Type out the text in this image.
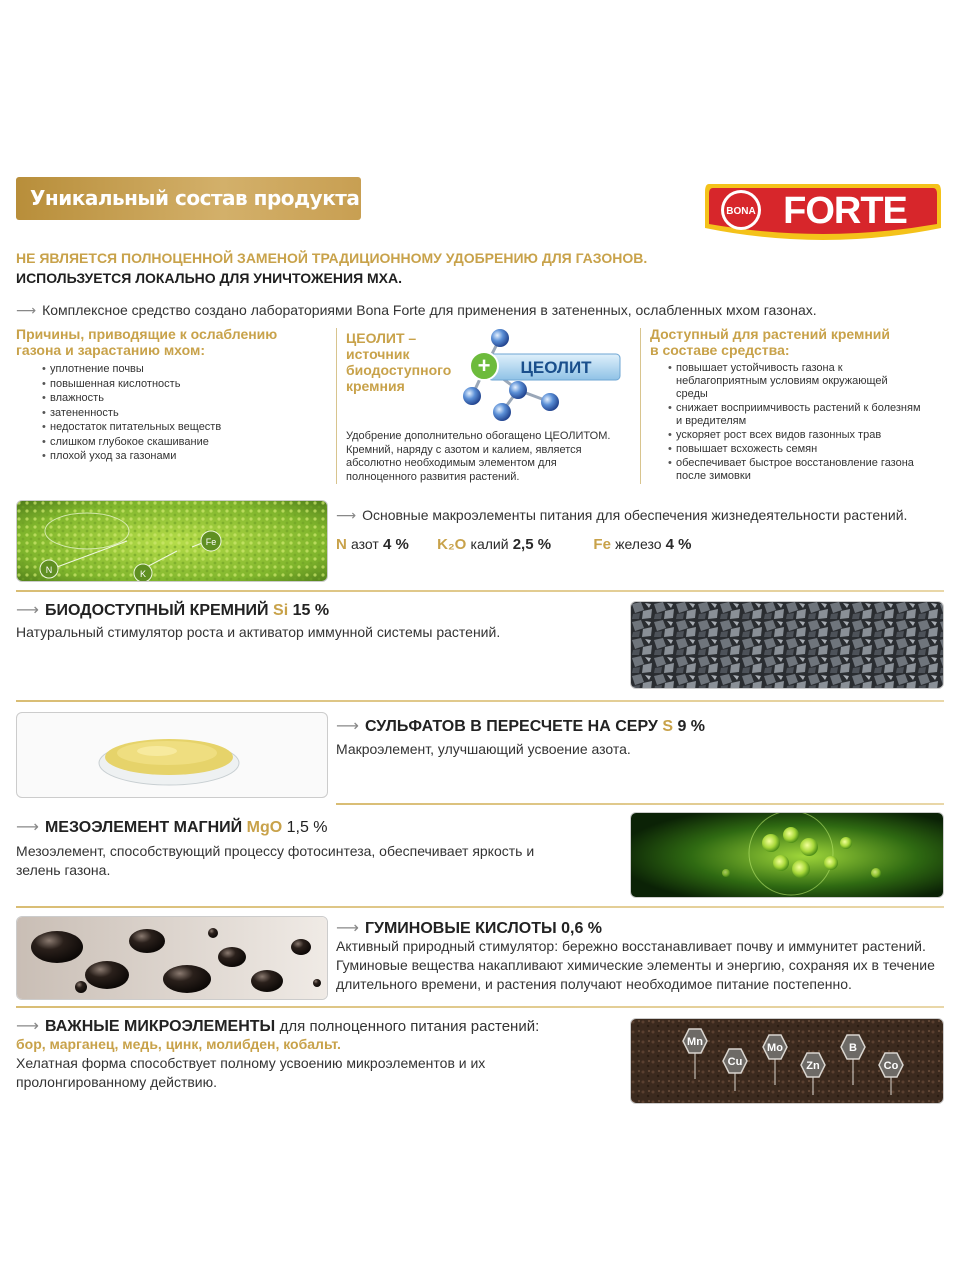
Уникальный состав продукта
BONA FORTE
НЕ ЯВЛЯЕТСЯ ПОЛНОЦЕННОЙ ЗАМЕНОЙ ТРАДИЦИОННОМУ УДОБРЕНИЮ ДЛЯ ГАЗОНОВ.
ИСПОЛЬЗУЕТСЯ ЛОКАЛЬНО ДЛЯ УНИЧТОЖЕНИЯ МХА.
⟶ Комплексное средство создано лабораториями Bona Forte для применения в затененных, ослабленных мхом газонах.
Причины, приводящие к ослаблению
газона и зарастанию мхом:
• уплотнение почвы
• повышенная кислотность
• влажность
• затененность
• недостаток питательных веществ
• слишком глубокое скашивание
• плохой уход за газонами
ЦЕОЛИТ –
источник
биодоступного
кремния
ЦЕОЛИТ
+
Удобрение дополнительно обогащено ЦЕОЛИТОМ.
Кремний, наряду с азотом и калием, является
абсолютно необходимым элементом для
полноценного развития растений.
Доступный для растений кремний
в составе средства:
• повышает устойчивость газона к
неблагоприятным условиям окружающей
среды
• снижает восприимчивость растений к болезням
и вредителям
• ускоряет рост всех видов газонных трав
• повышает всхожесть семян
• обеспечивает быстрое восстановление газона
после зимовки
N	K
Fe
⟶ Основные макроэлементы питания для обеспечения жизнедеятельности растений.
N азот 4 % K₂O калий 2,5 %	Fe железо 4 %
⟶ БИОДОСТУПНЫЙ КРЕМНИЙ Si 15 %
Натуральный стимулятор роста и активатор иммунной системы растений.
⟶ СУЛЬФАТОВ В ПЕРЕСЧЕТЕ НА СЕРУ S 9 %
Макроэлемент, улучшающий усвоение азота.
⟶ МЕЗОЭЛЕМЕНТ МАГНИЙ MgO 1,5 %
Мезоэлемент, способствующий процессу фотосинтеза, обеспечивает яркость и
зелень газона.
⟶ ГУМИНОВЫЕ КИСЛОТЫ 0,6 %
Активный природный стимулятор: бережно восстанавливает почву и иммунитет растений.
Гуминовые вещества накапливают химические элементы и энергию, сохраняя их в течение
длительного времени, и растения получают необходимое питание постепенно.
⟶ ВАЖНЫЕ МИКРОЭЛЕМЕНТЫ для полноценного питания растений:
бор, марганец, медь, цинк, молибден, кобальт.
Хелатная форма способствует полному усвоению микроэлементов и их
пролонгированному действию.
Mn
Cu
Mo
Zn
B
Co
